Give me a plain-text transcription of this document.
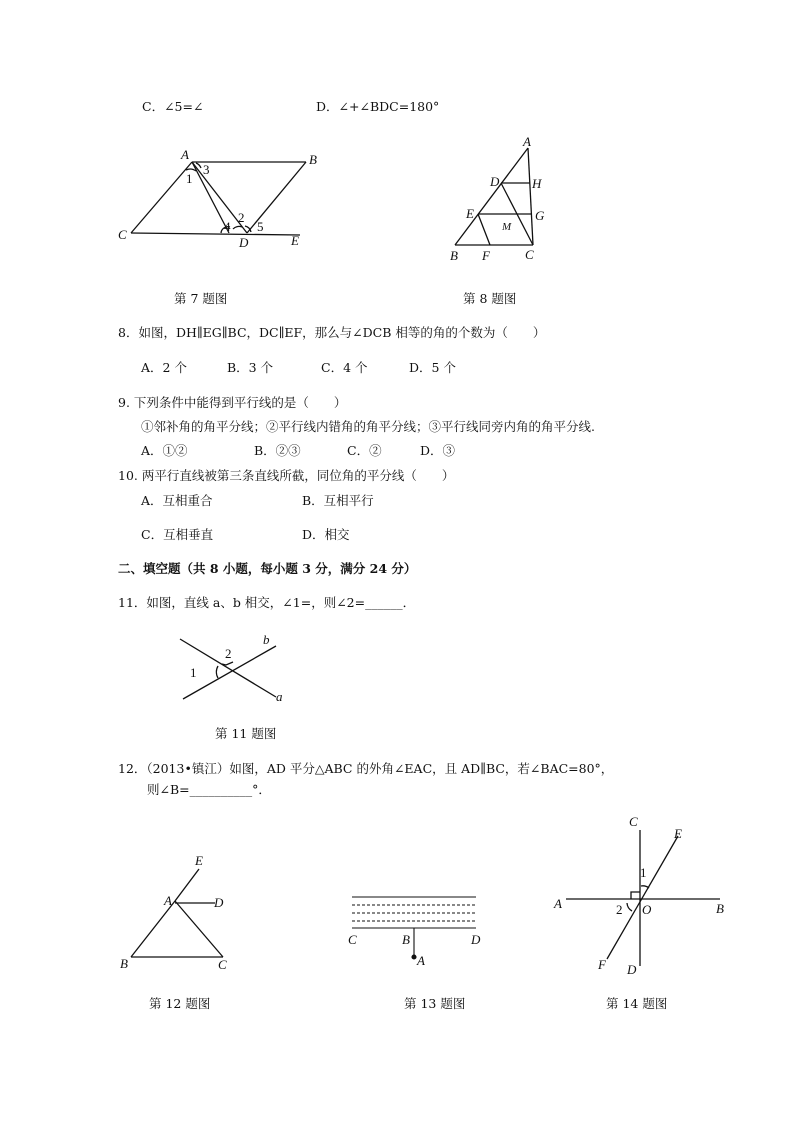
C．∠5=∠	D．∠+∠BDC=180°
A	B
C
D	E
1
2
3
4 5
A
H
D
E	G
M
B F	C
b
2
1
a
E
A	D
B	C
C	B	D
A
C
E
1
A	2 O	B
F D
第 7 题图	第 8 题图
8．如图，DH∥EG∥BC，DC∥EF，那么与∠DCB 相等的角的个数为（　　）
A．2 个	B．3 个	C．4 个	D．5 个
9. 下列条件中能得到平行线的是（　　）
①邻补角的角平分线；②平行线内错角的角平分线；③平行线同旁内角的角平分线.
A．①②	B．②③	C．②	D．③
10. 两平行直线被第三条直线所截，同位角的平分线（　　）
A．互相重合	B．互相平行
C．互相垂直	D．相交
二、填空题（共 8 小题，每小题 3 分，满分 24 分）
11．如图，直线 a、b 相交，∠1=，则∠2=______．
第 11 题图
12．（2013•镇江）如图，AD 平分△ABC 的外角∠EAC，且 AD∥BC，若∠BAC=80°，
则∠B=__________°．
第 12 题图	第 13 题图	第 14 题图
